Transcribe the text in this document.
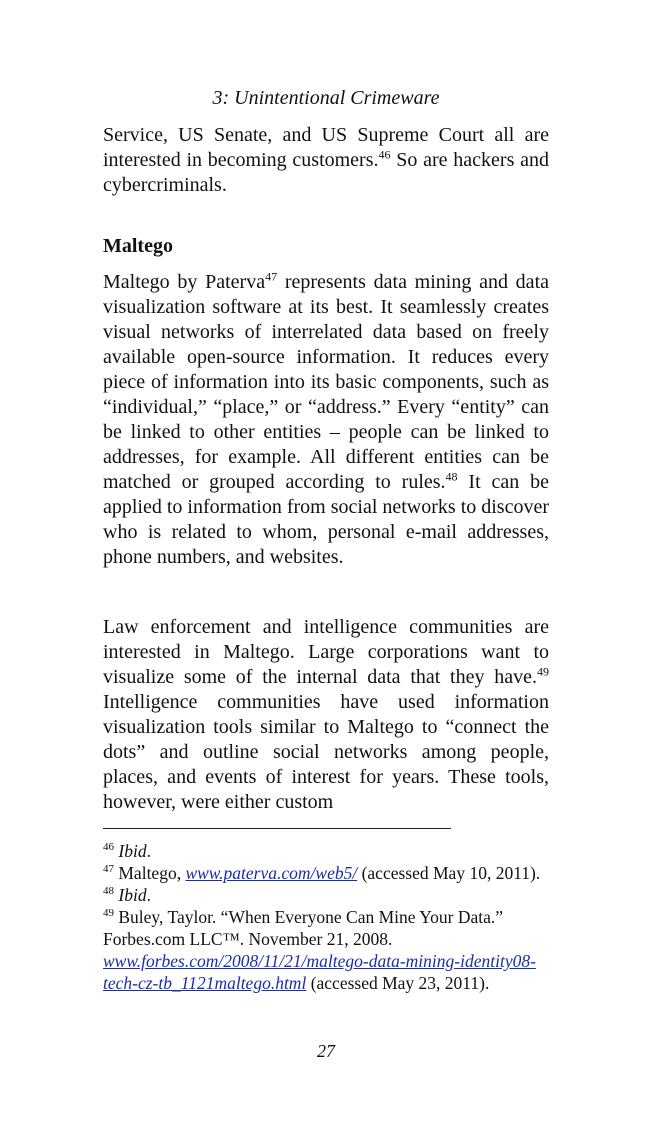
3: Unintentional Crimeware

Service, US Senate, and US Supreme Court all are interested in becoming customers.$^{46}$ So are hackers and cybercriminals.

Maltego

Maltego by Paterva$^{47}$ represents data mining and data visualization software at its best. It seamlessly creates visual networks of interrelated data based on freely available open-source information. It reduces every piece of information into its basic components, such as “individual,” “place,” or “address.” Every “entity” can be linked to other entities – people can be linked to addresses, for example. All different entities can be matched or grouped according to rules.$^{48}$ It can be applied to information from social networks to discover who is related to whom, personal e-mail addresses, phone numbers, and websites.

Law enforcement and intelligence communities are interested in Maltego. Large corporations want to visualize some of the internal data that they have.$^{49}$ Intelligence communities have used information visualization tools similar to Maltego to “connect the dots” and outline social networks among people, places, and events of interest for years. These tools, however, were either custom

$^{46}$ Ibid.

$^{47}$ Maltego, www.paterva.com/web5/ (accessed May 10, 2011).

$^{48}$ Ibid.

$^{49}$ Buley, Taylor. “When Everyone Can Mine Your Data.” Forbes.com LLC™. November 21, 2008. www.forbes.com/2008/11/21/maltego-data-mining-identity08-tech-cz-tb_1121maltego.html (accessed May 23, 2011).

27
